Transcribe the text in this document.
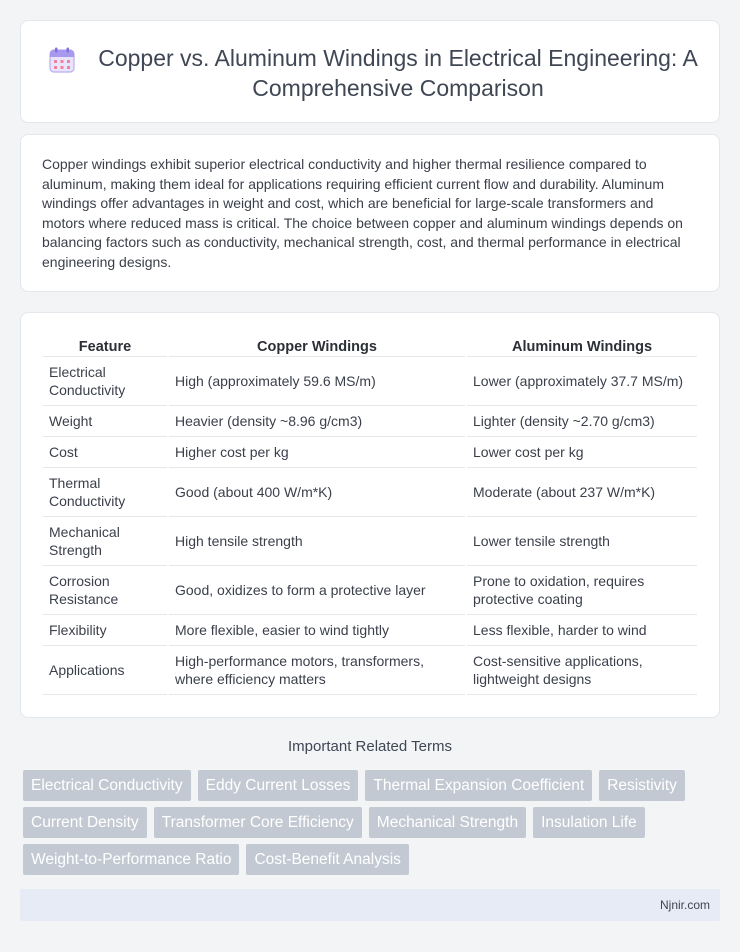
Copper vs. Aluminum Windings in Electrical Engineering: A Comprehensive Comparison

Copper windings exhibit superior electrical conductivity and higher thermal resilience compared to aluminum, making them ideal for applications requiring efficient current flow and durability. Aluminum windings offer advantages in weight and cost, which are beneficial for large-scale transformers and motors where reduced mass is critical. The choice between copper and aluminum windings depends on balancing factors such as conductivity, mechanical strength, cost, and thermal performance in electrical engineering designs.

Feature	Copper Windings	Aluminum Windings
Electrical Conductivity	High (approximately 59.6 MS/m)	Lower (approximately 37.7 MS/m)
Weight	Heavier (density ~8.96 g/cm3)	Lighter (density ~2.70 g/cm3)
Cost	Higher cost per kg	Lower cost per kg
Thermal Conductivity	Good (about 400 W/m*K)	Moderate (about 237 W/m*K)
Mechanical Strength	High tensile strength	Lower tensile strength
Corrosion Resistance	Good, oxidizes to form a protective layer	Prone to oxidation, requires protective coating
Flexibility	More flexible, easier to wind tightly	Less flexible, harder to wind
Applications	High-performance motors, transformers, where efficiency matters	Cost-sensitive applications, lightweight designs
Important Related Terms
Electrical Conductivity	Eddy Current Losses	Thermal Expansion Coefficient	Resistivity
Current Density	Transformer Core Efficiency	Mechanical Strength	Insulation Life
Weight-to-Performance Ratio	Cost-Benefit Analysis
Njnir.com
